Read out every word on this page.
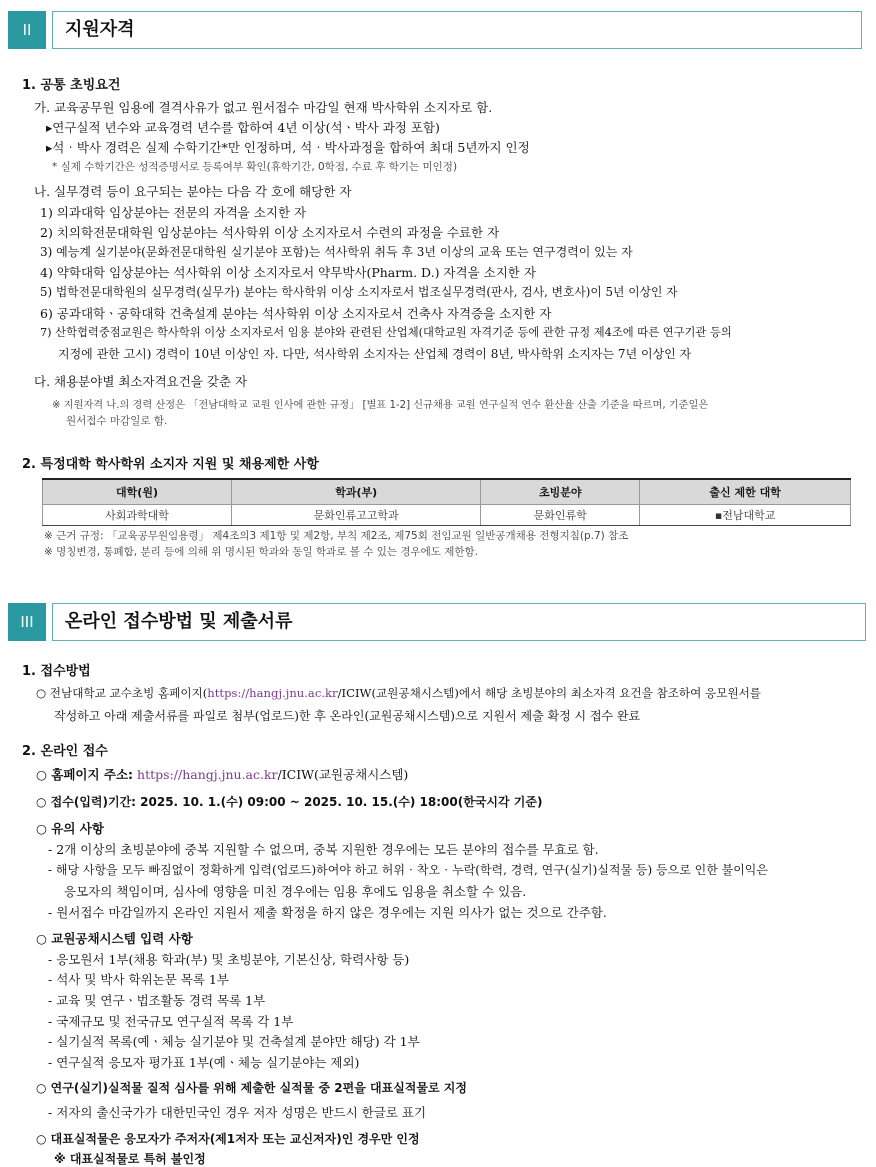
II	지원자격
1. 공통 초빙요건
가. 교육공무원 임용에 결격사유가 없고 원서접수 마감일 현재 박사학위 소지자로 함.
▸연구실적 년수와 교육경력 년수를 합하여 4년 이상(석ㆍ박사 과정 포함)
▸석‧박사 경력은 실제 수학기간*만 인정하며, 석‧박사과정을 합하여 최대 5년까지 인정
* 실제 수학기간은 성적증명서로 등록여부 확인(휴학기간, 0학점, 수료 후 학기는 미인정)
나. 실무경력 등이 요구되는 분야는 다음 각 호에 해당한 자
1) 의과대학 임상분야는 전문의 자격을 소지한 자
2) 치의학전문대학원 임상분야는 석사학위 이상 소지자로서 수련의 과정을 수료한 자
3) 예능계 실기분야(문화전문대학원 실기분야 포함)는 석사학위 취득 후 3년 이상의 교육 또는 연구경력이 있는 자
4) 약학대학 임상분야는 석사학위 이상 소지자로서 약무박사(Pharm. D.) 자격을 소지한 자
5) 법학전문대학원의 실무경력(실무가) 분야는 학사학위 이상 소지자로서 법조실무경력(판사, 검사, 변호사)이 5년 이상인 자
6) 공과대학ㆍ공학대학 건축설계 분야는 석사학위 이상 소지자로서 건축사 자격증을 소지한 자
7) 산학협력중점교원은 학사학위 이상 소지자로서 임용 분야와 관련된 산업체(대학교원 자격기준 등에 관한 규정 제4조에 따른 연구기관 등의
지정에 관한 고시) 경력이 10년 이상인 자. 다만, 석사학위 소지자는 산업체 경력이 8년, 박사학위 소지자는 7년 이상인 자
다. 채용분야별 최소자격요건을 갖춘 자
※ 지원자격 나.의 경력 산정은 「전남대학교 교원 인사에 관한 규정」 [별표 1-2] 신규채용 교원 연구실적 연수 환산율 산출 기준을 따르며, 기준일은
원서접수 마감일로 함.
2. 특정대학 학사학위 소지자 지원 및 채용제한 사항
대학(원)	학과(부)	초빙분야	출신 제한 대학
사회과학대학	문화인류고고학과	문화인류학	▪전남대학교
※ 근거 규정: 「교육공무원임용령」 제4조의3 제1항 및 제2항, 부칙 제2조, 제75회 전임교원 일반공개채용 전형지침(p.7) 참조
※ 명칭변경, 통폐합, 분리 등에 의해 위 명시된 학과와 동일 학과로 볼 수 있는 경우에도 제한함.
III	온라인 접수방법 및 제출서류
1. 접수방법
○ 전남대학교 교수초빙 홈페이지(https://hangj.jnu.ac.kr/ICIW(교원공채시스템)에서 해당 초빙분야의 최소자격 요건을 참조하여 응모원서를
작성하고 아래 제출서류를 파일로 첨부(업로드)한 후 온라인(교원공채시스템)으로 지원서 제출 확정 시 접수 완료
2. 온라인 접수
○ 홈페이지 주소: https://hangj.jnu.ac.kr/ICIW(교원공채시스템)
○ 접수(입력)기간: 2025. 10. 1.(수) 09:00 ~ 2025. 10. 15.(수) 18:00(한국시각 기준)
○ 유의 사항
- 2개 이상의 초빙분야에 중복 지원할 수 없으며, 중복 지원한 경우에는 모든 분야의 접수를 무효로 함.
- 해당 사항을 모두 빠짐없이 정확하게 입력(업로드)하여야 하고 허위‧착오‧누락(학력, 경력, 연구(실기)실적물 등) 등으로 인한 불이익은
응모자의 책임이며, 심사에 영향을 미친 경우에는 임용 후에도 임용을 취소할 수 있음.
- 원서접수 마감일까지 온라인 지원서 제출 확정을 하지 않은 경우에는 지원 의사가 없는 것으로 간주함.
○ 교원공채시스템 입력 사항
- 응모원서 1부(채용 학과(부) 및 초빙분야, 기본신상, 학력사항 등)
- 석사 및 박사 학위논문 목록 1부
- 교육 및 연구ㆍ법조활동 경력 목록 1부
- 국제규모 및 전국규모 연구실적 목록 각 1부
- 실기실적 목록(예ㆍ체능 실기분야 및 건축설계 분야만 해당) 각 1부
- 연구실적 응모자 평가표 1부(예ㆍ체능 실기분야는 제외)
○ 연구(실기)실적물 질적 심사를 위해 제출한 실적물 중 2편을 대표실적물로 지정
- 저자의 출신국가가 대한민국인 경우 저자 성명은 반드시 한글로 표기
○ 대표실적물은 응모자가 주저자(제1저자 또는 교신저자)인 경우만 인정
※ 대표실적물로 특허 불인정
